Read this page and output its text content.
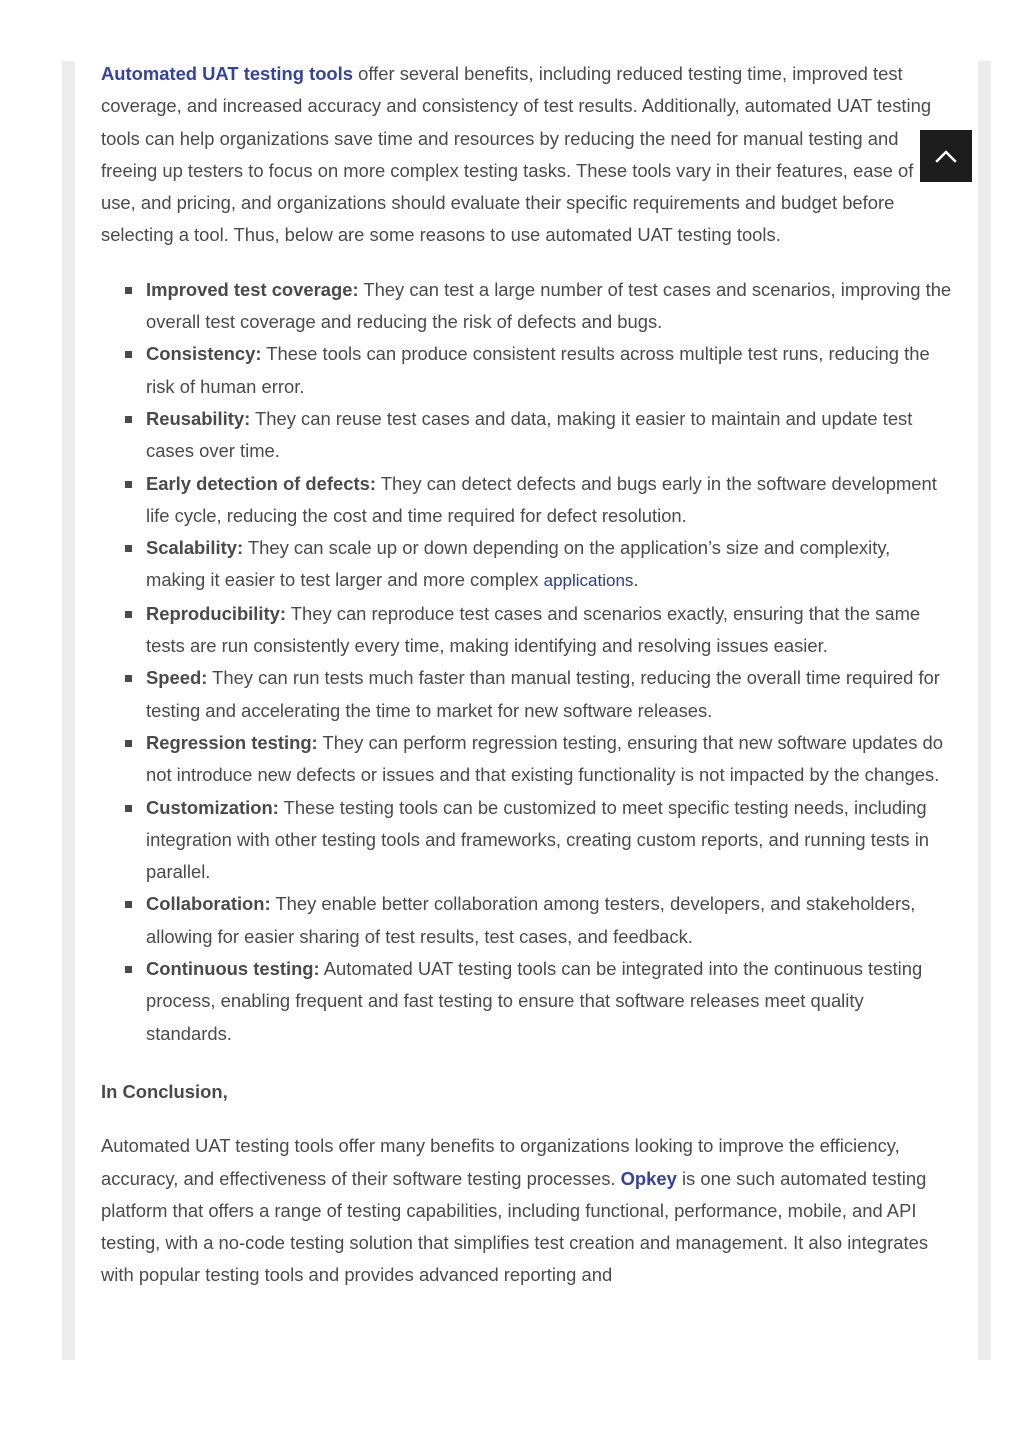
Automated UAT testing tools offer several benefits, including reduced testing time, improved test coverage, and increased accuracy and consistency of test results. Additionally, automated UAT testing tools can help organizations save time and resources by reducing the need for manual testing and freeing up testers to focus on more complex testing tasks. These tools vary in their features, ease of use, and pricing, and organizations should evaluate their specific requirements and budget before selecting a tool. Thus, below are some reasons to use automated UAT testing tools.

Improved test coverage: They can test a large number of test cases and scenarios, improving the overall test coverage and reducing the risk of defects and bugs.
Consistency: These tools can produce consistent results across multiple test runs, reducing the risk of human error.
Reusability: They can reuse test cases and data, making it easier to maintain and update test cases over time.
Early detection of defects: They can detect defects and bugs early in the software development life cycle, reducing the cost and time required for defect resolution.
Scalability: They can scale up or down depending on the application’s size and complexity, making it easier to test larger and more complex applications.
Reproducibility: They can reproduce test cases and scenarios exactly, ensuring that the same tests are run consistently every time, making identifying and resolving issues easier.
Speed: They can run tests much faster than manual testing, reducing the overall time required for testing and accelerating the time to market for new software releases.
Regression testing: They can perform regression testing, ensuring that new software updates do not introduce new defects or issues and that existing functionality is not impacted by the changes.
Customization: These testing tools can be customized to meet specific testing needs, including integration with other testing tools and frameworks, creating custom reports, and running tests in parallel.
Collaboration: They enable better collaboration among testers, developers, and stakeholders, allowing for easier sharing of test results, test cases, and feedback.
Continuous testing: Automated UAT testing tools can be integrated into the continuous testing process, enabling frequent and fast testing to ensure that software releases meet quality standards.

In Conclusion,

Automated UAT testing tools offer many benefits to organizations looking to improve the efficiency, accuracy, and effectiveness of their software testing processes. Opkey is one such automated testing platform that offers a range of testing capabilities, including functional, performance, mobile, and API testing, with a no-code testing solution that simplifies test creation and management. It also integrates with popular testing tools and provides advanced reporting and
